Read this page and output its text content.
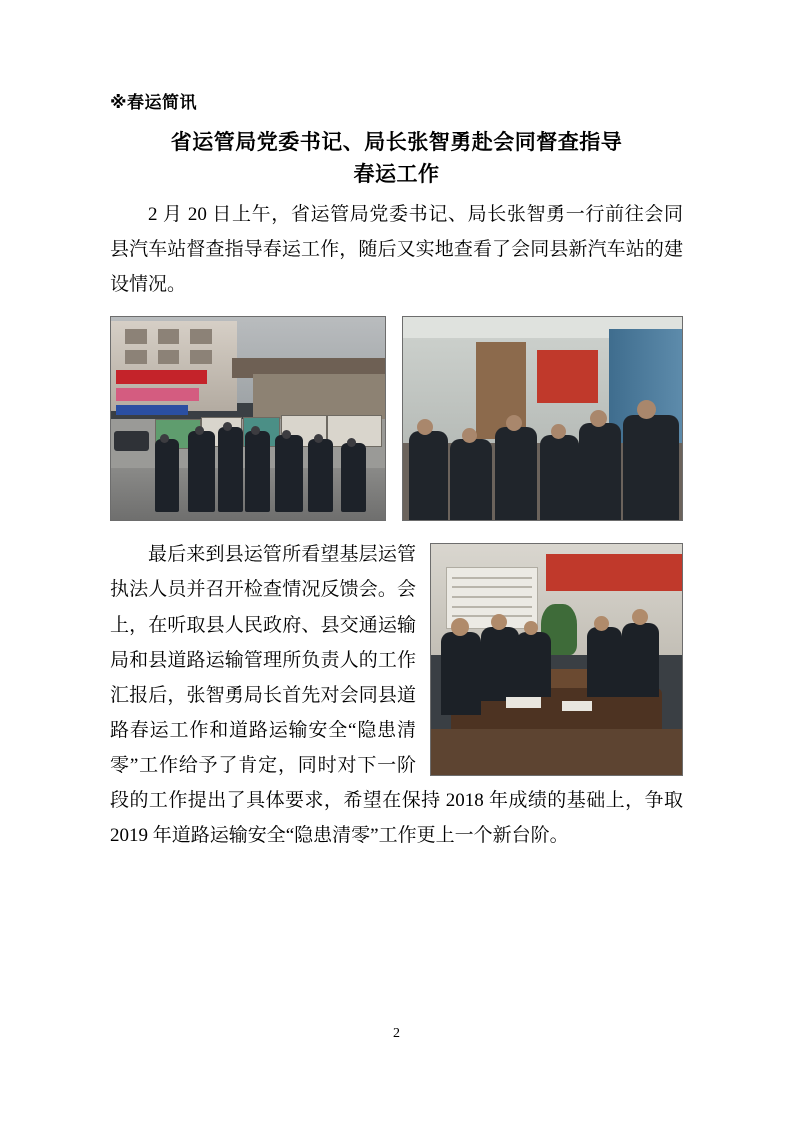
※春运简讯
省运管局党委书记、局长张智勇赴会同督查指导
春运工作

2 月 20 日上午，省运管局党委书记、局长张智勇一行前往会同县汽车站督查指导春运工作，随后又实地查看了会同县新汽车站的建设情况。

最后来到县运管所看望基层运管执法人员并召开检查情况反馈会。会上，在听取县人民政府、县交通运输局和县道路运输管理所负责人的工作汇报后，张智勇局长首先对会同县道路春运工作和道路运输安全“隐患清零”工作给予了肯定，同时对下一阶段的工作提出了具体要求，希望在保持 2018 年成绩的基础上，争取 2019 年道路运输安全“隐患清零”工作更上一个新台阶。

2
